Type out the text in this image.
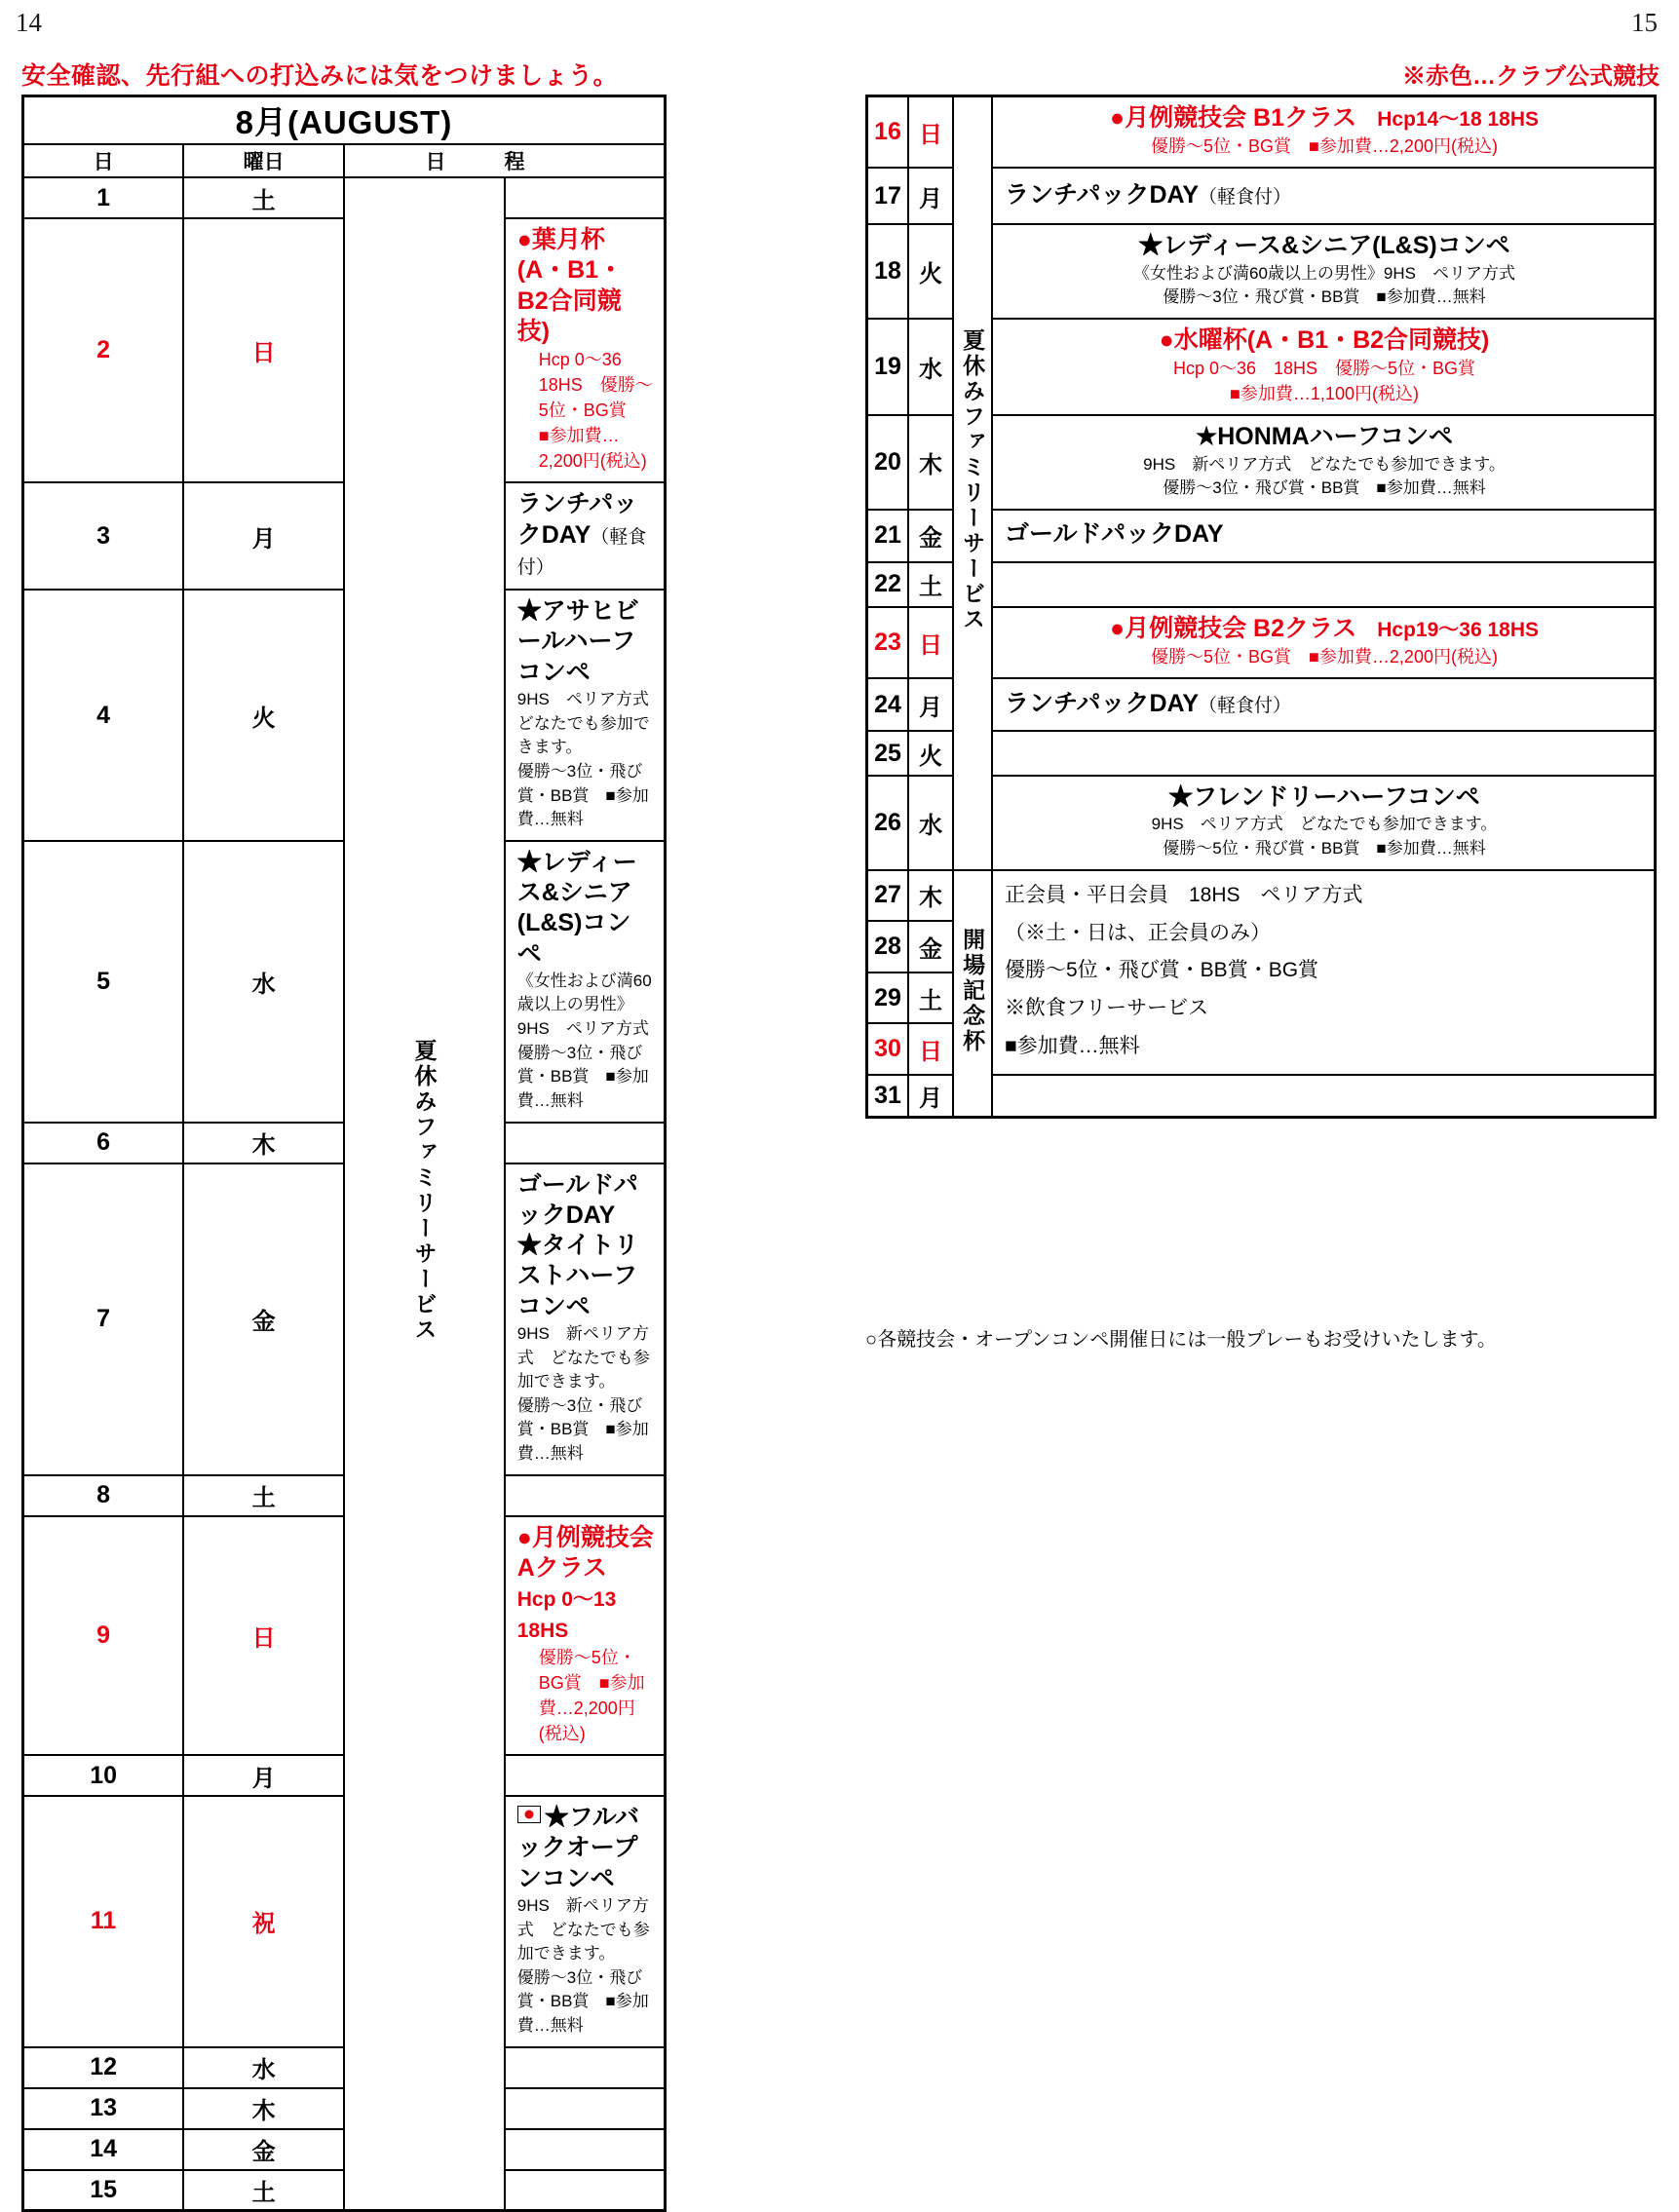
14	15
安全確認、先行組への打込みには気をつけましょう。	※赤色…クラブ公式競技
8月(AUGUST)			
日	曜日	日程	
1	土	夏休みファミリーサービス	
2	日		●葉月杯(A・B1・B2合同競技)
Hcp 0〜36　18HS　優勝〜5位・BG賞
■参加費…2,200円(税込)

3	月		ランチパックDAY（軽食付）

4	火		★アサヒビールハーフコンペ
9HS　ペリア方式　どなたでも参加できます。
優勝〜3位・飛び賞・BB賞　■参加費…無料

5	水		★レディース&シニア(L&S)コンペ
《女性および満60歳以上の男性》9HS　ペリア方式
優勝〜3位・飛び賞・BB賞　■参加費…無料

6	木		
7	金		ゴールドパックDAY
★タイトリストハーフコンペ
9HS　新ペリア方式　どなたでも参加できます。
優勝〜3位・飛び賞・BB賞　■参加費…無料

8	土		
9	日		●月例競技会 Aクラス　Hcp 0〜13 18HS
優勝〜5位・BG賞　■参加費…2,200円(税込)

10	月		
11	祝		★フルバックオープンコンペ
9HS　新ペリア方式　どなたでも参加できます。
優勝〜3位・飛び賞・BB賞　■参加費…無料

12	水		
13	木		
14	金		
15	土		
16	日	夏休みファミリーサービス	●月例競技会 B1クラス　 Hcp14〜18 18HS
優勝〜5位・BG賞　■参加費…2,200円(税込)

17	月		ランチパックDAY（軽食付）

18	火		★レディース&シニア(L&S)コンペ
《女性および満60歳以上の男性》9HS　ペリア方式
優勝〜3位・飛び賞・BB賞　■参加費…無料

19	水		●水曜杯(A・B1・B2合同競技)
Hcp 0〜36　18HS　優勝〜5位・BG賞
■参加費…1,100円(税込)

20	木		★HONMAハーフコンペ
9HS　新ペリア方式　どなたでも参加できます。
優勝〜3位・飛び賞・BB賞　■参加費…無料

21	金		ゴールドパックDAY

22	土		
23	日		●月例競技会 B2クラス　 Hcp19〜36 18HS
優勝〜5位・BG賞　■参加費…2,200円(税込)

24	月		ランチパックDAY（軽食付）

25	火		
26	水		★フレンドリーハーフコンペ
9HS　ペリア方式　どなたでも参加できます。
優勝〜5位・飛び賞・BB賞　■参加費…無料

27	木	開場記念杯	正会員・平日会員　18HS　ペリア方式
（※土・日は、正会員のみ）
優勝〜5位・飛び賞・BB賞・BG賞
※飲食フリーサービス
■参加費…無料

28	金		
29	土		
30	日		
31	月		
○各競技会・オープンコンペ開催日には一般プレーもお受けいたします。
